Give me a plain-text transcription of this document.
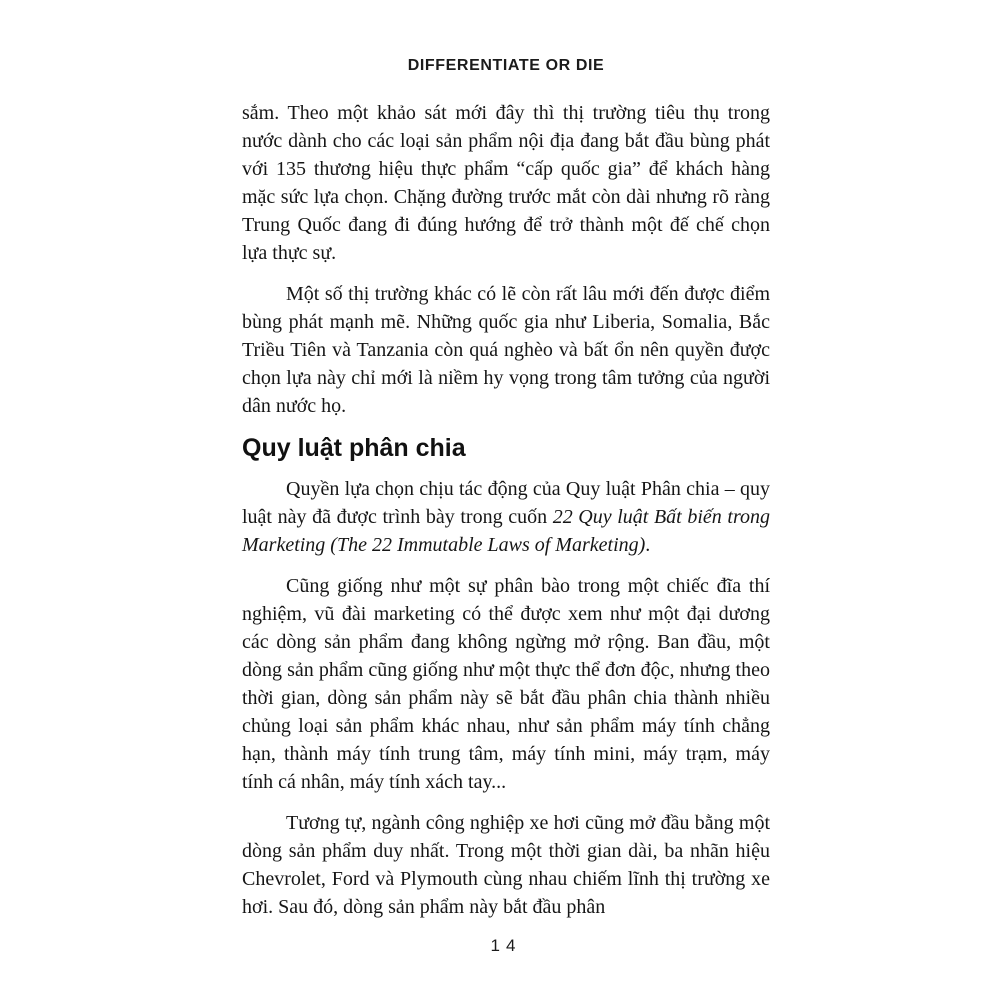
DIFFERENTIATE OR DIE

sắm. Theo một khảo sát mới đây thì thị trường tiêu thụ trong nước dành cho các loại sản phẩm nội địa đang bắt đầu bùng phát với 135 thương hiệu thực phẩm “cấp quốc gia” để khách hàng mặc sức lựa chọn. Chặng đường trước mắt còn dài nhưng rõ ràng Trung Quốc đang đi đúng hướng để trở thành một đế chế chọn lựa thực sự.

Một số thị trường khác có lẽ còn rất lâu mới đến được điểm bùng phát mạnh mẽ. Những quốc gia như Liberia, Somalia, Bắc Triều Tiên và Tanzania còn quá nghèo và bất ổn nên quyền được chọn lựa này chỉ mới là niềm hy vọng trong tâm tưởng của người dân nước họ.

Quy luật phân chia

Quyền lựa chọn chịu tác động của Quy luật Phân chia – quy luật này đã được trình bày trong cuốn 22 Quy luật Bất biến trong Marketing (The 22 Immutable Laws of Marketing).

Cũng giống như một sự phân bào trong một chiếc đĩa thí nghiệm, vũ đài marketing có thể được xem như một đại dương các dòng sản phẩm đang không ngừng mở rộng. Ban đầu, một dòng sản phẩm cũng giống như một thực thể đơn độc, nhưng theo thời gian, dòng sản phẩm này sẽ bắt đầu phân chia thành nhiều chủng loại sản phẩm khác nhau, như sản phẩm máy tính chẳng hạn, thành máy tính trung tâm, máy tính mini, máy trạm, máy tính cá nhân, máy tính xách tay...

Tương tự, ngành công nghiệp xe hơi cũng mở đầu bằng một dòng sản phẩm duy nhất. Trong một thời gian dài, ba nhãn hiệu Chevrolet, Ford và Plymouth cùng nhau chiếm lĩnh thị trường xe hơi. Sau đó, dòng sản phẩm này bắt đầu phân

14
